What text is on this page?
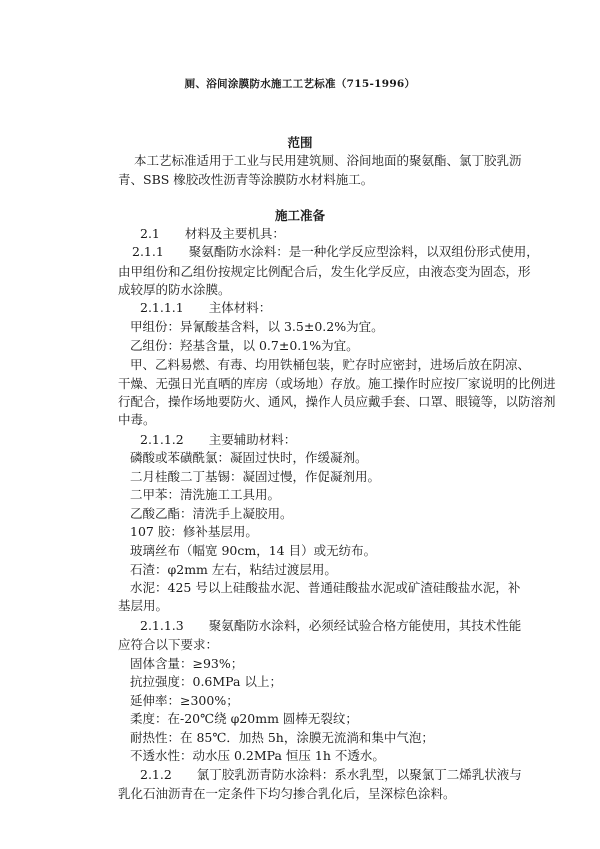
厕、浴间涂膜防水施工工艺标准（715-1996）
范围
本工艺标准适用于工业与民用建筑厕、浴间地面的聚氨酯、氯丁胶乳沥
青、SBS 橡胶改性沥青等涂膜防水材料施工。
施工准备
2.1　　材料及主要机具：
2.1.1　　聚氨酯防水涂料：是一种化学反应型涂料，以双组份形式使用，
由甲组份和乙组份按规定比例配合后，发生化学反应，由液态变为固态，形
成较厚的防水涂膜。
2.1.1.1　　主体材料：
甲组份：异氰酸基含料，以 3.5±0.2%为宜。
乙组份：羟基含量，以 0.7±0.1%为宜。
甲、乙料易燃、有毒、均用铁桶包装，贮存时应密封，进场后放在阴凉、
干燥、无强日光直晒的库房（或场地）存放。施工操作时应按厂家说明的比例进
行配合，操作场地要防火、通风，操作人员应戴手套、口罩、眼镜等，以防溶剂
中毒。
2.1.1.2　　主要辅助材料：
磷酸或苯磺酰氯：凝固过快时，作缓凝剂。
二月桂酸二丁基锡：凝固过慢，作促凝剂用。
二甲苯：清洗施工工具用。
乙酸乙酯：清洗手上凝胶用。
107 胶：修补基层用。
玻璃丝布（幅宽 90cm，14 目）或无纺布。
石渣：φ2mm 左右，粘结过渡层用。
水泥：425 号以上硅酸盐水泥、普通硅酸盐水泥或矿渣硅酸盐水泥，补
基层用。
2.1.1.3　　聚氨酯防水涂料，必须经试验合格方能使用，其技术性能
应符合以下要求：
固体含量：≥93%；
抗拉强度：0.6MPa 以上；
延伸率：≥300%；
柔度：在-20℃绕 φ20mm 圆棒无裂纹；
耐热性：在 85℃．加热 5h，涂膜无流淌和集中气泡；
不透水性：动水压 0.2MPa 恒压 1h 不透水。
2.1.2　　氯丁胶乳沥青防水涂料：系水乳型，以聚氯丁二烯乳状液与
乳化石油沥青在一定条件下均匀掺合乳化后，呈深棕色涂料。
